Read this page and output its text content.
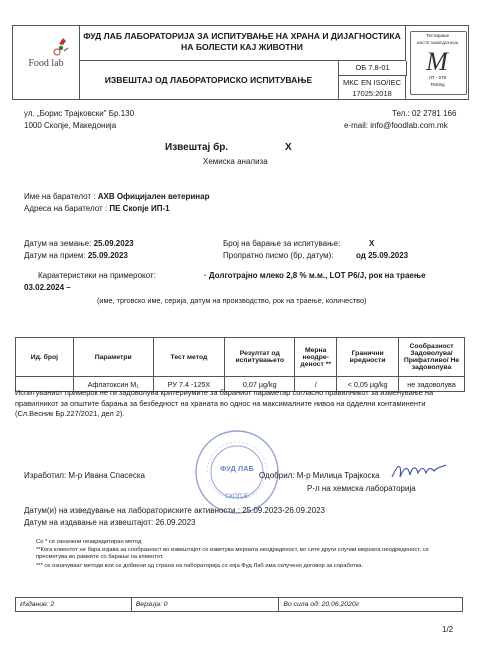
Food lab
ФУД ЛАБ ЛАБОРАТОРИЈА ЗА ИСПИТУВАЊЕ НА ХРАНА И ДИЈАГНОСТИКА НА БОЛЕСТИ КАЈ ЖИВОТНИ
ИЗВЕШТАЈ ОД ЛАБОРАТОРИСКО ИСПИТУВАЊЕ
ОБ 7.8-01
МКС EN ISO/IEC
17025:2018
Тестирање
ИАСТЕ МАКЕДОНИЈА
M
ЛТ - 076
Testing
ул. „Борис Трајковски" Бр.130
1000 Скопје, Македонија
Тел.: 02 2781 166
e-mail: info@foodlab.com.mk
Извештај бр.	X
Хемиска анализа
Име на барателот : АХВ Официјален ветеринар
Адреса на барателот : ПЕ Скопје ИП-1
Датум на земање: 25.09.2023
Датум на прием: 25.09.2023
Број на барање за испитување:	X
Пропратно писмо (бр, датум):	од 25.09.2023
Карактеристики на примерокот:	· Долготрајно млеко 2,8 % м.м., LOT P6/J, рок на траење
03.02.2024 –
(име, трговско име, серија, датум на производство, рок на траење, количество)
Ид. број	Параметри	Тест метод	Резултат од испитувањето	Мерна неодре-деност **	Гранични вредности	Сообразност Задоволува/ Прифатливо/ Не задоволува
	Афлатоксин M₁	РУ 7.4 -125X	0,07 µg/kg	/	< 0,05 µg/kg	не задоволува
Испитуваниот примерок не ги задоволува критериумите за бараниот параметар согласно правилникот за изменување на правилникот за општите барања за безбедност на храната во однос на максималните нивоа на одделни контаминенти (Сл.Весник Бр.227/2021, дел 2).
ФУД ЛАБ
СКОПЈЕ
Изработил: М-р Ивана Спасеска	Одобрил: М-р Милица Трајкоска
Р-л на хемиска лабораторија
Датум(и) на изведување на лабораториските активности : 25.09.2023-26.09.2023
Датум на издавање на извештајот: 26.09.2023
Со * се означени неакредитиран метод
**Кога клиентот не бара изјава за сообразност во извештајот се изветува мерната неодреденост, во сите други случаи мерната неодреденост, се пресметува во рамките со барање на клиентот.
*** се означуваат методи кои се добиени од страна на лабораторија со која Фуд Лаб има склучено договор за соработка.
Издание: 2	Верзија: 0	Во сила од: 20.06.2020г
1/2
